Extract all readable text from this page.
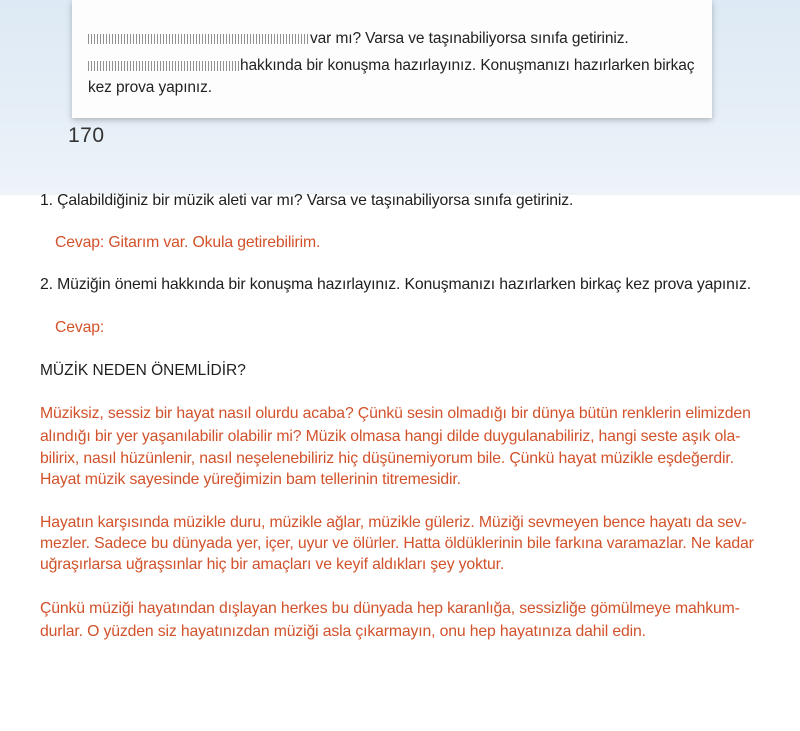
var mı? Varsa ve taşınabiliyorsa sınıfa getiriniz.
hakkında bir konuşma hazırlayınız. Konuşmanızı hazırlarken birkaç
kez prova yapınız.
170
1. Çalabildiğiniz bir müzik aleti var mı? Varsa ve taşınabiliyorsa sınıfa getiriniz.
Cevap: Gitarım var. Okula getirebilirim.
2. Müziğin önemi hakkında bir konuşma hazırlayınız. Konuşmanızı hazırlarken birkaç kez prova yapınız.
Cevap:
MÜZİK NEDEN ÖNEMLİDİR?
Müziksiz, sessiz bir hayat nasıl olurdu acaba? Çünkü sesin olmadığı bir dünya bütün renklerin elimizden
alındığı bir yer yaşanılabilir olabilir mi? Müzik olmasa hangi dilde duygulanabiliriz, hangi seste aşık ola-
bilirix, nasıl hüzünlenir, nasıl neşelenebiliriz hiç düşünemiyorum bile. Çünkü hayat müzikle eşdeğerdir.
Hayat müzik sayesinde yüreğimizin bam tellerinin titremesidir.
Hayatın karşısında müzikle duru, müzikle ağlar, müzikle güleriz. Müziği sevmeyen bence hayatı da sev-
mezler. Sadece bu dünyada yer, içer, uyur ve ölürler. Hatta öldüklerinin bile farkına varamazlar. Ne kadar
uğraşırlarsa uğraşsınlar hiç bir amaçları ve keyif aldıkları şey yoktur.
Çünkü müziği hayatından dışlayan herkes bu dünyada hep karanlığa, sessizliğe gömülmeye mahkum-
durlar. O yüzden siz hayatınızdan müziği asla çıkarmayın, onu hep hayatınıza dahil edin.
